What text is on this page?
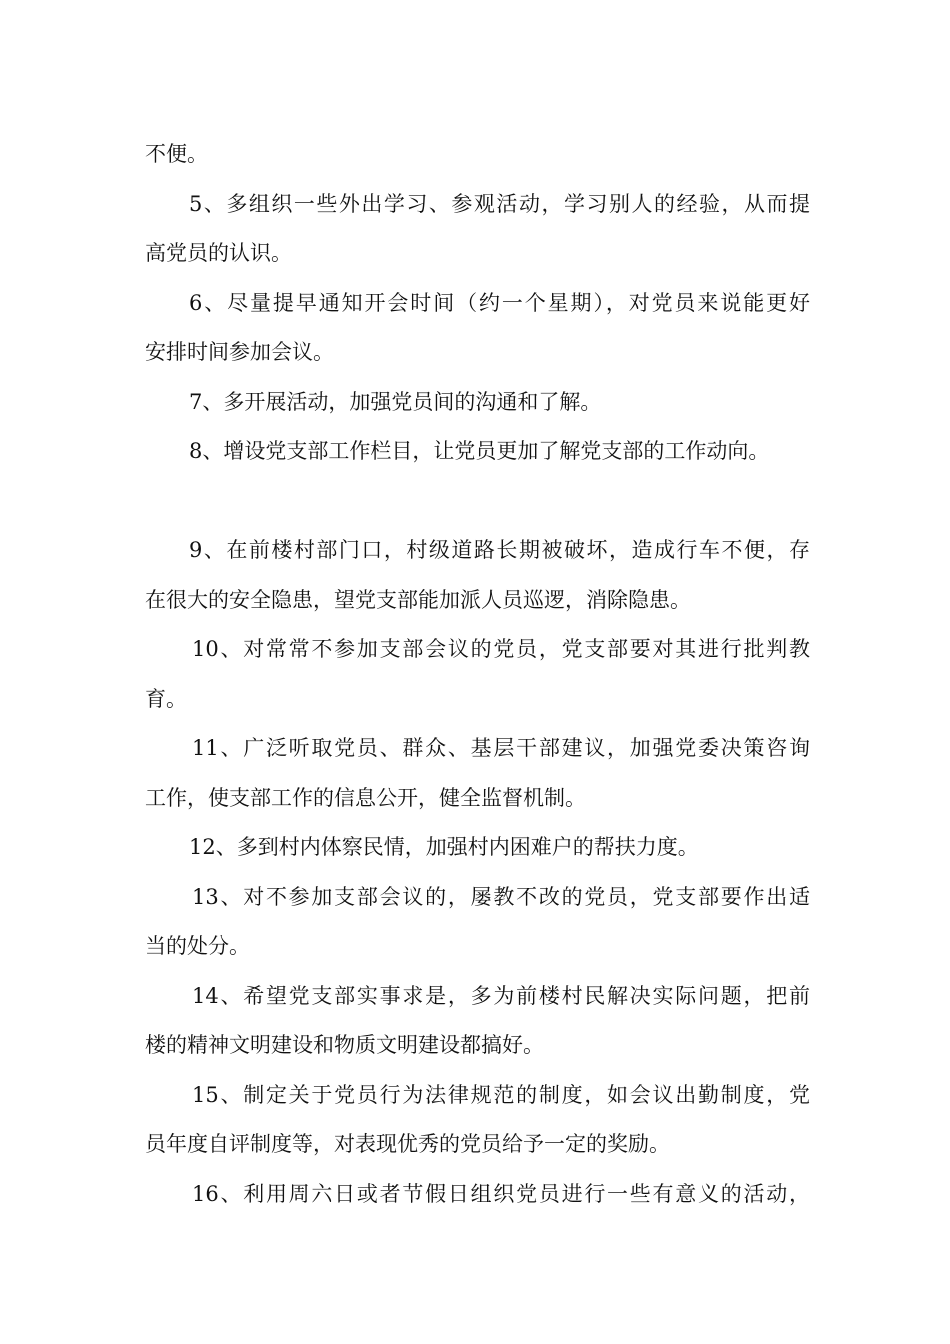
不便。
5、多组织一些外出学习、参观活动，学习别人的经验，从而提
高党员的认识。
6、尽量提早通知开会时间（约一个星期），对党员来说能更好
安排时间参加会议。
7、多开展活动，加强党员间的沟通和了解。
8、增设党支部工作栏目，让党员更加了解党支部的工作动向。
9、在前楼村部门口，村级道路长期被破坏，造成行车不便，存
在很大的安全隐患，望党支部能加派人员巡逻，消除隐患。
10、对常常不参加支部会议的党员，党支部要对其进行批判教
育。
11、广泛听取党员、群众、基层干部建议，加强党委决策咨询
工作，使支部工作的信息公开，健全监督机制。
12、多到村内体察民情，加强村内困难户的帮扶力度。
13、对不参加支部会议的，屡教不改的党员，党支部要作出适
当的处分。
14、希望党支部实事求是，多为前楼村民解决实际问题，把前
楼的精神文明建设和物质文明建设都搞好。
15、制定关于党员行为法律规范的制度，如会议出勤制度，党
员年度自评制度等，对表现优秀的党员给予一定的奖励。
16、利用周六日或者节假日组织党员进行一些有意义的活动，
